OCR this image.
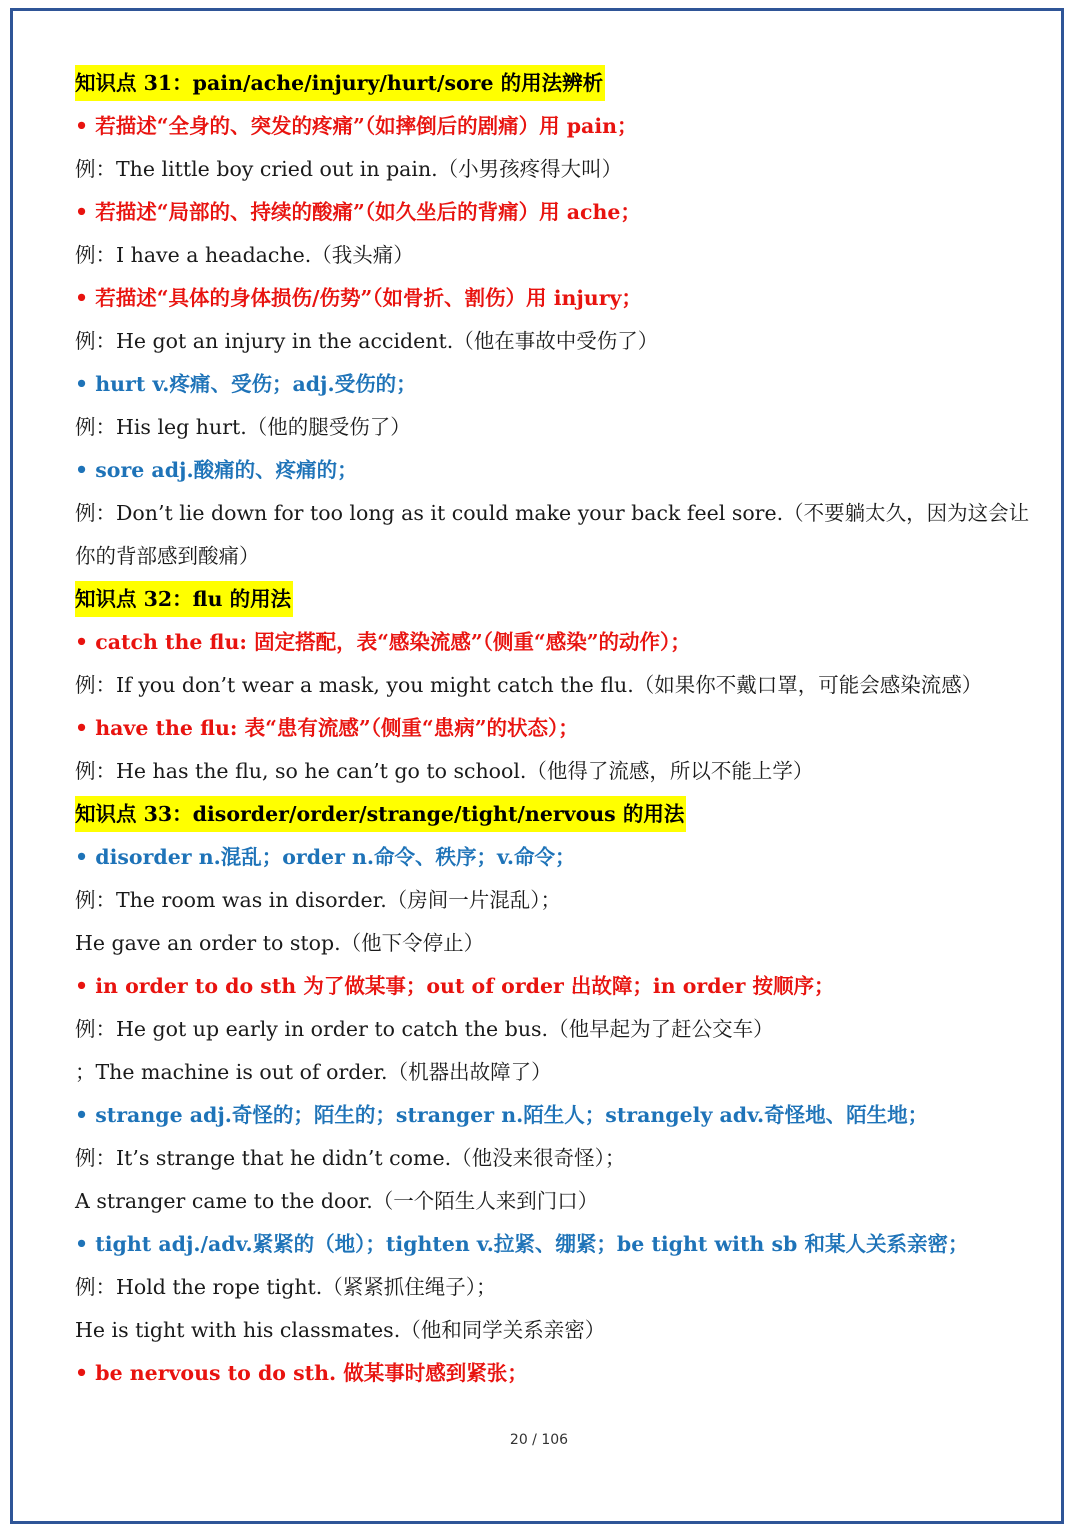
知识点 31：pain/ache/injury/hurt/sore 的用法辨析
• 若描述“全身的、突发的疼痛”（如摔倒后的剧痛）用 pain；
例：The little boy cried out in pain.（小男孩疼得大叫）
• 若描述“局部的、持续的酸痛”（如久坐后的背痛）用 ache；
例：I have a headache.（我头痛）
• 若描述“具体的身体损伤/伤势”（如骨折、割伤）用 injury；
例：He got an injury in the accident.（他在事故中受伤了）
• hurt v.疼痛、受伤；adj.受伤的；
例：His leg hurt.（他的腿受伤了）
• sore adj.酸痛的、疼痛的；
例：Don’t lie down for too long as it could make your back feel sore.（不要躺太久，因为这会让你的背部感到酸痛）
知识点 32：flu 的用法
• catch the flu: 固定搭配，表“感染流感”（侧重“感染”的动作）；
例：If you don’t wear a mask, you might catch the flu.（如果你不戴口罩，可能会感染流感）
• have the flu: 表“患有流感”（侧重“患病”的状态）；
例：He has the flu, so he can’t go to school.（他得了流感，所以不能上学）
知识点 33：disorder/order/strange/tight/nervous 的用法
• disorder n.混乱；order n.命令、秩序；v.命令；
例：The room was in disorder.（房间一片混乱）；
He gave an order to stop.（他下令停止）
• in order to do sth 为了做某事；out of order 出故障；in order 按顺序；
例：He got up early in order to catch the bus.（他早起为了赶公交车）
；The machine is out of order.（机器出故障了）
• strange adj.奇怪的；陌生的；stranger n.陌生人；strangely adv.奇怪地、陌生地；
例：It’s strange that he didn’t come.（他没来很奇怪）；
A stranger came to the door.（一个陌生人来到门口）
• tight adj./adv.紧紧的（地）；tighten v.拉紧、绷紧；be tight with sb 和某人关系亲密；
例：Hold the rope tight.（紧紧抓住绳子）；
He is tight with his classmates.（他和同学关系亲密）
• be nervous to do sth. 做某事时感到紧张；
20 / 106
